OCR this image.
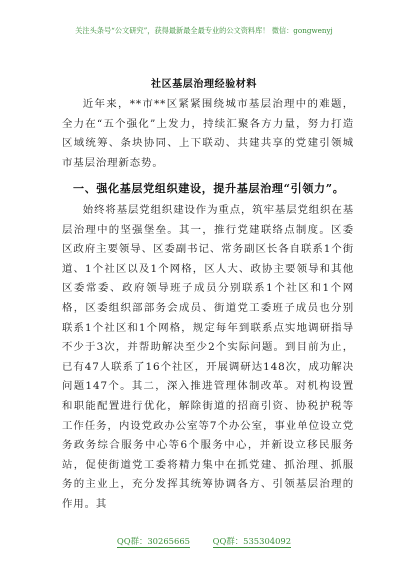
关注头条号“公文研究”，获得最新最全最专业的公文资料库！ 微信：gongwenyj
社区基层治理经验材料

近年来，**市**区紧紧围绕城市基层治理中的难题，全力在“五个强化”上发力，持续汇聚各方力量，努力打造区域统筹、条块协同、上下联动、共建共享的党建引领城市基层治理新态势。

一、强化基层党组织建设，提升基层治理“引领力”。

始终将基层党组织建设作为重点，筑牢基层党组织在基层治理中的坚强堡垒。其一，推行党建联络点制度。区委区政府主要领导、区委副书记、常务副区长各自联系1个街道、1个社区以及1个网格，区人大、政协主要领导和其他区委常委、政府领导班子成员分别联系1个社区和1个网格，区委组织部部务会成员、街道党工委班子成员也分别联系1个社区和1个网格，规定每年到联系点实地调研指导不少于3次，并帮助解决至少2个实际问题。到目前为止，已有47人联系了16个社区，开展调研达148次，成功解决问题147个。其二，深入推进管理体制改革。对机构设置和职能配置进行优化，解除街道的招商引资、协税护税等工作任务，内设党政办公室等7个办公室，事业单位设立党务政务综合服务中心等6个服务中心，并新设立移民服务站，促使街道党工委将精力集中在抓党建、抓治理、抓服务的主业上，充分发挥其统筹协调各方、引领基层治理的作用。其

QQ群：30265665	QQ群：535304092
